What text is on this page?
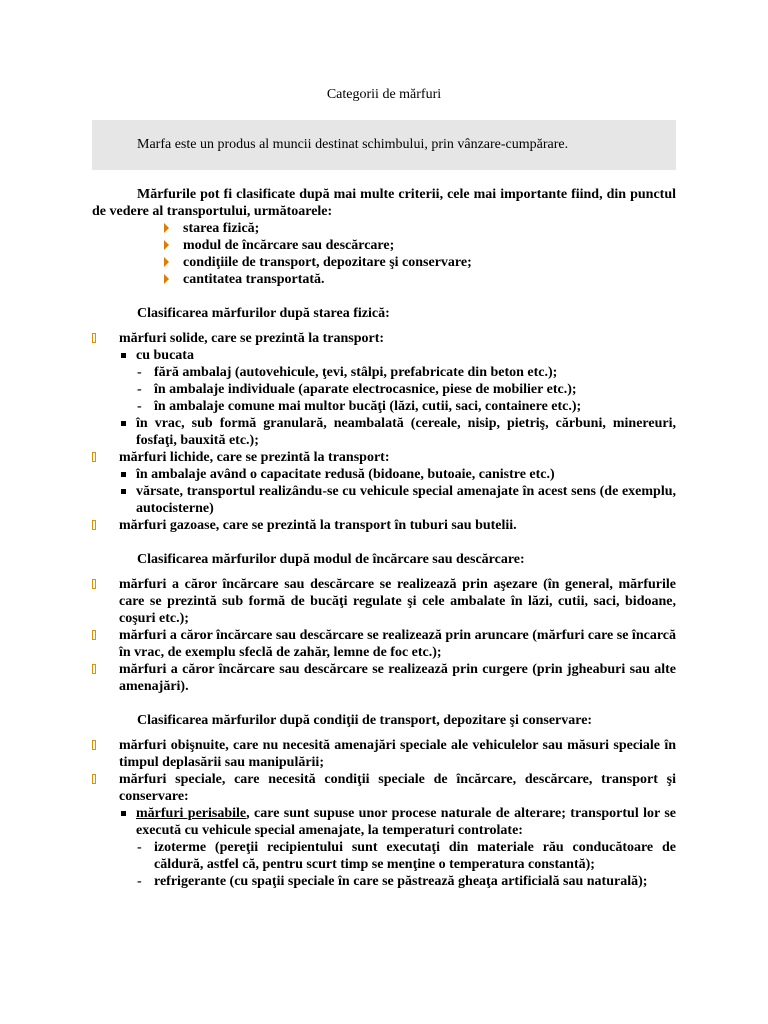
Categorii de mărfuri
Marfa este un produs al muncii destinat schimbului, prin vânzare-cumpărare.

Mărfurile pot fi clasificate după mai multe criterii, cele mai importante fiind, din punctul de vedere al transportului, următoarele:

starea fizică;
modul de încărcare sau descărcare;
condiţiile de transport, depozitare şi conservare;
cantitatea transportată.

Clasificarea mărfurilor după starea fizică:

mărfuri solide, care se prezintă la transport:
cu bucata
- fără ambalaj (autovehicule, ţevi, stâlpi, prefabricate din beton etc.);
- în ambalaje individuale (aparate electrocasnice, piese de mobilier etc.);
- în ambalaje comune mai multor bucăţi (lăzi, cutii, saci, containere etc.);
în vrac, sub formă granulară, neambalată (cereale, nisip, pietriş, cărbuni, minereuri, fosfaţi, bauxită etc.);
mărfuri lichide, care se prezintă la transport:
în ambalaje având o capacitate redusă (bidoane, butoaie, canistre etc.)
vărsate, transportul realizându-se cu vehicule special amenajate în acest sens (de exemplu, autocisterne)
mărfuri gazoase, care se prezintă la transport în tuburi sau butelii.

Clasificarea mărfurilor după modul de încărcare sau descărcare:

mărfuri a căror încărcare sau descărcare se realizează prin aşezare (în general, mărfurile care se prezintă sub formă de bucăţi regulate şi cele ambalate în lăzi, cutii, saci, bidoane, coşuri etc.);
mărfuri a căror încărcare sau descărcare se realizează prin aruncare (mărfuri care se încarcă în vrac, de exemplu sfeclă de zahăr, lemne de foc etc.);
mărfuri a căror încărcare sau descărcare se realizează prin curgere (prin jgheaburi sau alte amenajări).

Clasificarea mărfurilor după condiţii de transport, depozitare şi conservare:

mărfuri obişnuite, care nu necesită amenajări speciale ale vehiculelor sau măsuri speciale în timpul deplasării sau manipulării;
mărfuri speciale, care necesită condiţii speciale de încărcare, descărcare, transport şi conservare:
mărfuri perisabile, care sunt supuse unor procese naturale de alterare; transportul lor se execută cu vehicule special amenajate, la temperaturi controlate:
- izoterme (pereţii recipientului sunt executaţi din materiale rău conducătoare de căldură, astfel că, pentru scurt timp se menţine o temperatura constantă);
- refrigerante (cu spaţii speciale în care se păstrează gheaţa artificială sau naturală);
